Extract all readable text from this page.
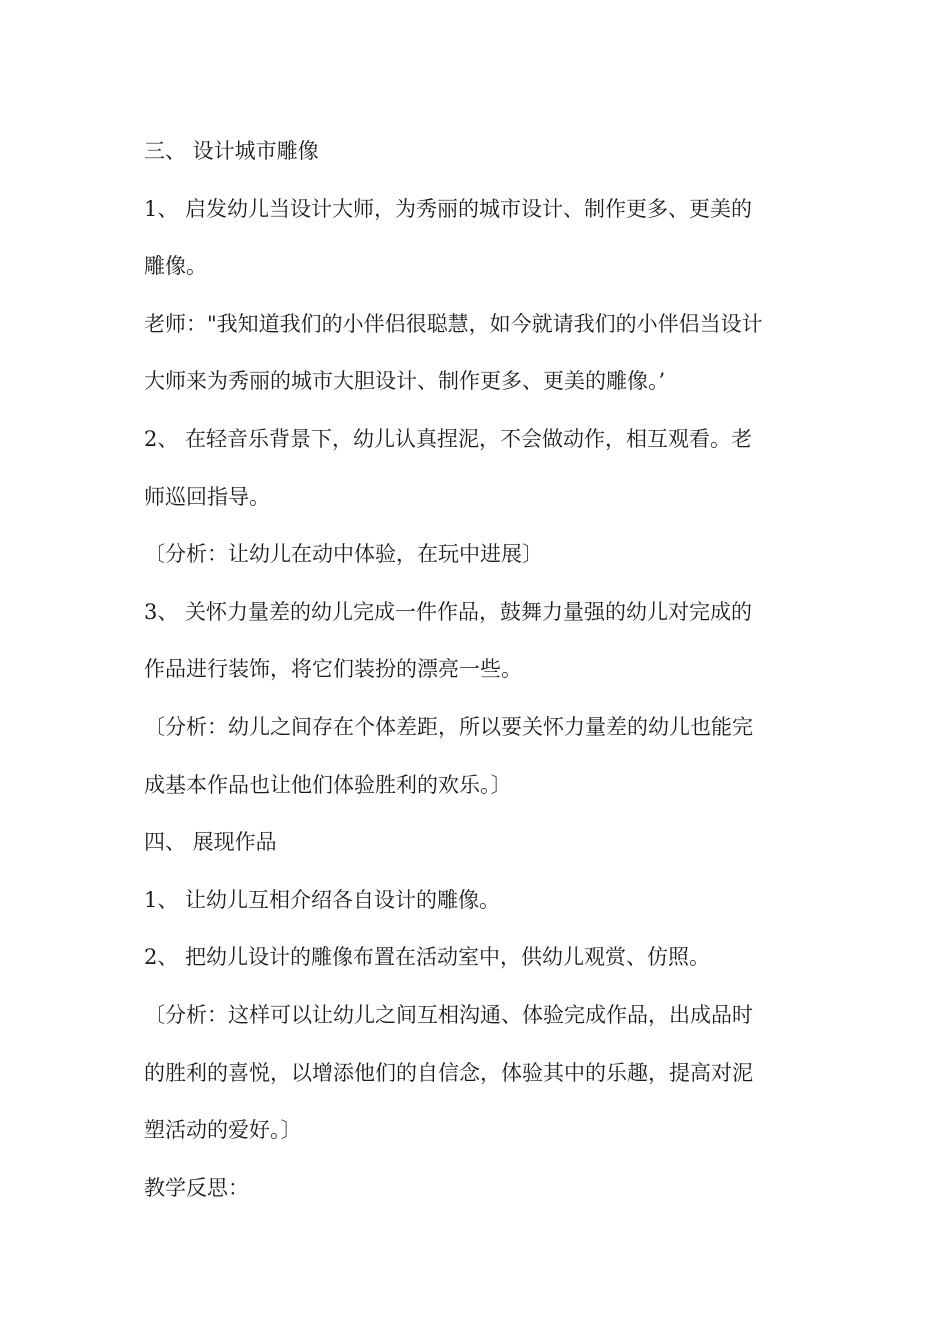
三、 设计城市雕像
1、 启发幼儿当设计大师，为秀丽的城市设计、制作更多、更美的
雕像。
老师："我知道我们的小伴侣很聪慧，如今就请我们的小伴侣当设计
大师来为秀丽的城市大胆设计、制作更多、更美的雕像。’
2、 在轻音乐背景下，幼儿认真捏泥，不会做动作，相互观看。老
师巡回指导。
〔分析：让幼儿在动中体验，在玩中进展〕
3、 关怀力量差的幼儿完成一件作品，鼓舞力量强的幼儿对完成的
作品进行装饰，将它们装扮的漂亮一些。
〔分析：幼儿之间存在个体差距，所以要关怀力量差的幼儿也能完
成基本作品也让他们体验胜利的欢乐。〕
四、 展现作品
1、 让幼儿互相介绍各自设计的雕像。
2、 把幼儿设计的雕像布置在活动室中，供幼儿观赏、仿照。
〔分析：这样可以让幼儿之间互相沟通、体验完成作品，出成品时
的胜利的喜悦，以增添他们的自信念，体验其中的乐趣，提高对泥
塑活动的爱好。〕
教学反思：
